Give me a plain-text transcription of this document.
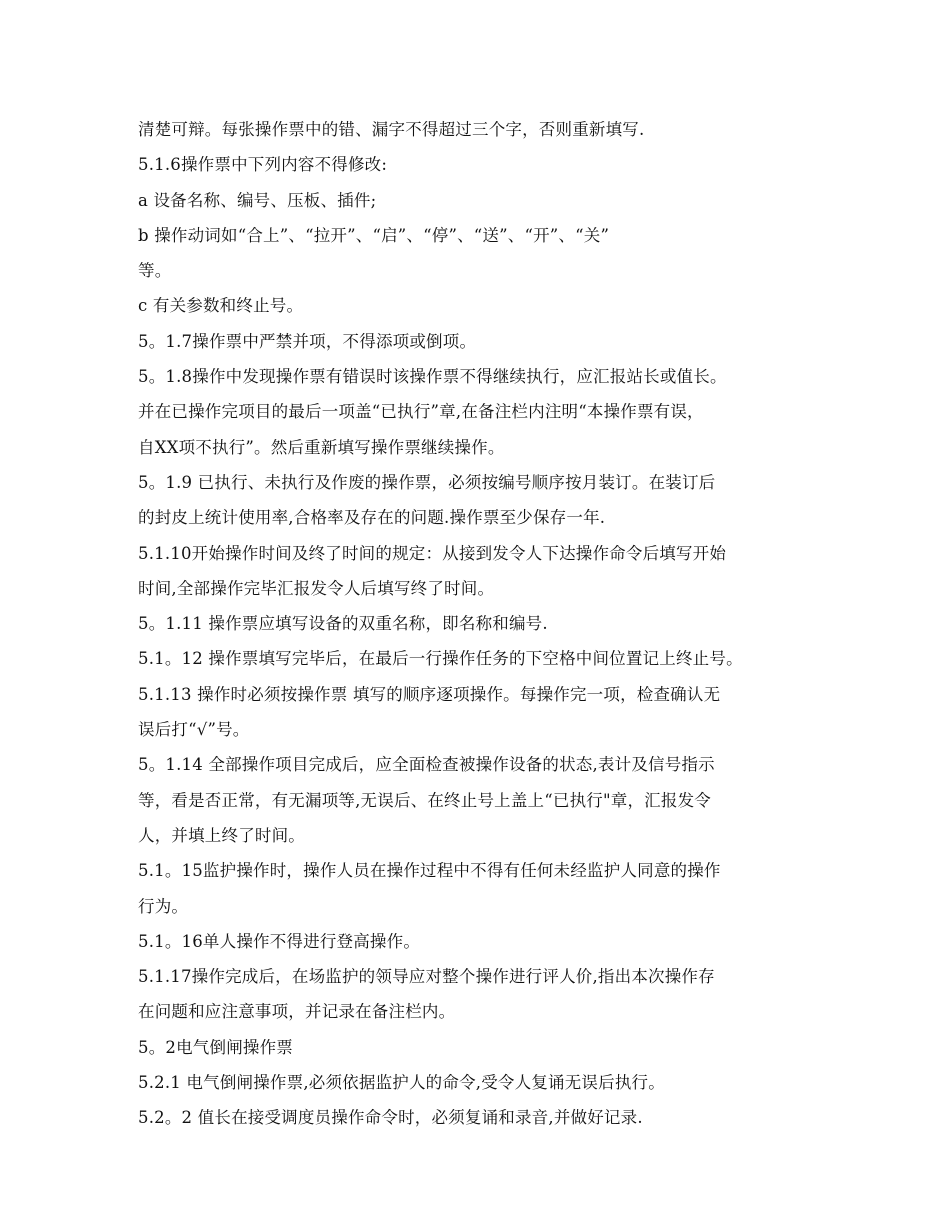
清楚可辩。每张操作票中的错、漏字不得超过三个字，否则重新填写.
5.1.6操作票中下列内容不得修改:
a 设备名称、编号、压板、插件;
b 操作动词如“合上”、“拉开”、“启”、“停”、“送”、“开”、“关”
等。
c 有关参数和终止号。
5。1.7操作票中严禁并项，不得添项或倒项。
5。1.8操作中发现操作票有错误时该操作票不得继续执行，应汇报站长或值长。
并在已操作完项目的最后一项盖“已执行”章,在备注栏内注明“本操作票有误，
自XX项不执行”。然后重新填写操作票继续操作。
5。1.9 已执行、未执行及作废的操作票，必须按编号顺序按月装订。在装订后
的封皮上统计使用率,合格率及存在的问题.操作票至少保存一年.
5.1.10开始操作时间及终了时间的规定：从接到发令人下达操作命令后填写开始
时间,全部操作完毕汇报发令人后填写终了时间。
5。1.11 操作票应填写设备的双重名称，即名称和编号.
5.1。12 操作票填写完毕后，在最后一行操作任务的下空格中间位置记上终止号。
5.1.13 操作时必须按操作票 填写的顺序逐项操作。每操作完一项，检查确认无
误后打“√”号。
5。1.14 全部操作项目完成后，应全面检查被操作设备的状态,表计及信号指示
等，看是否正常，有无漏项等,无误后、在终止号上盖上“已执行"章，汇报发令
人，并填上终了时间。
5.1。15监护操作时，操作人员在操作过程中不得有任何未经监护人同意的操作
行为。
5.1。16单人操作不得进行登高操作。
5.1.17操作完成后，在场监护的领导应对整个操作进行评人价,指出本次操作存
在问题和应注意事项，并记录在备注栏内。
5。2电气倒闸操作票
5.2.1 电气倒闸操作票,必须依据监护人的命令,受令人复诵无误后执行。
5.2。2 值长在接受调度员操作命令时，必须复诵和录音,并做好记录.
